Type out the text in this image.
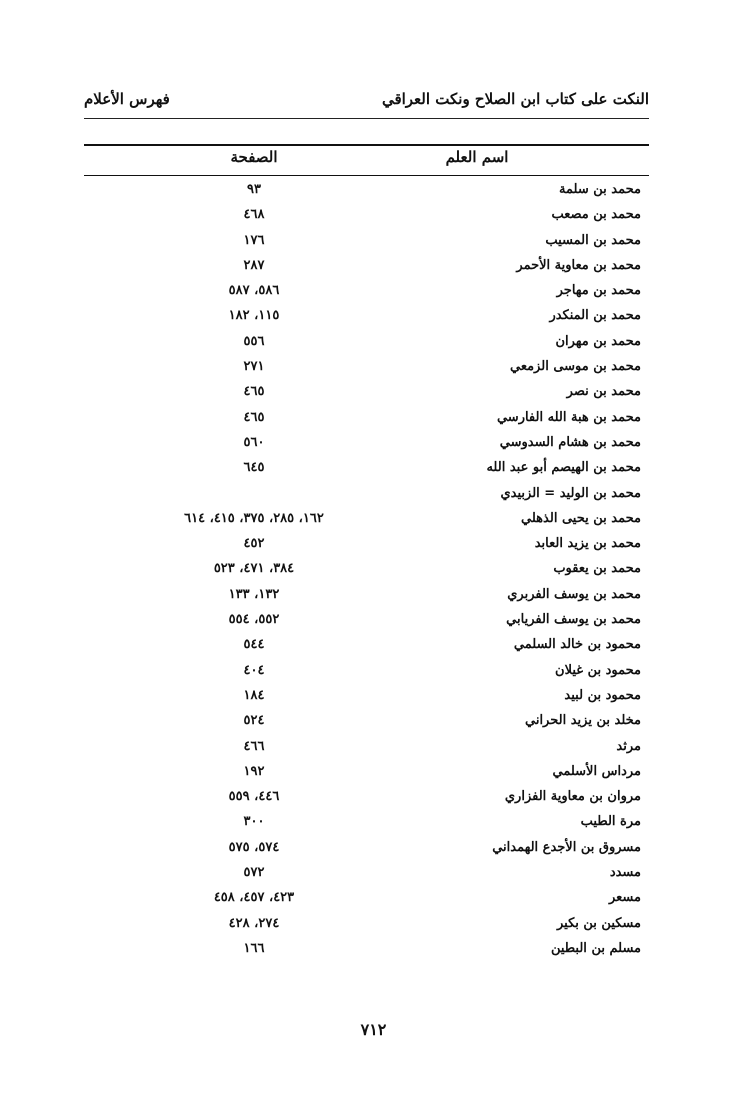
النكت على كتاب ابن الصلاح ونكت العراقي
فهرس الأعلام
اسم العلم
الصفحة
محمد بن سلمة
٩٣
محمد بن مصعب
٤٦٨
محمد بن المسيب
١٧٦
محمد بن معاوية الأحمر
٢٨٧
محمد بن مهاجر
٥٨٦، ٥٨٧
محمد بن المنكدر
١١٥، ١٨٢
محمد بن مهران
٥٥٦
محمد بن موسى الزمعي
٢٧١
محمد بن نصر
٤٦٥
محمد بن هبة الله الفارسي
٤٦٥
محمد بن هشام السدوسي
٥٦٠
محمد بن الهيصم أبو عبد الله
٦٤٥
محمد بن الوليد = الزبيدي
محمد بن يحيى الذهلي
١٦٢، ٢٨٥، ٣٧٥، ٤١٥، ٦١٤
محمد بن يزيد العابد
٤٥٢
محمد بن يعقوب
٣٨٤، ٤٧١، ٥٢٣
محمد بن يوسف الفربري
١٣٢، ١٣٣
محمد بن يوسف الفريابي
٥٥٢، ٥٥٤
محمود بن خالد السلمي
٥٤٤
محمود بن غيلان
٤٠٤
محمود بن لبيد
١٨٤
مخلد بن يزيد الحراني
٥٢٤
مرثد
٤٦٦
مرداس الأسلمي
١٩٢
مروان بن معاوية الفزاري
٤٤٦، ٥٥٩
مرة الطيب
٣٠٠
مسروق بن الأجدع الهمداني
٥٧٤، ٥٧٥
مسدد
٥٧٢
مسعر
٤٢٣، ٤٥٧، ٤٥٨
مسكين بن بكير
٢٧٤، ٤٢٨
مسلم بن البطين
١٦٦
٧١٢
